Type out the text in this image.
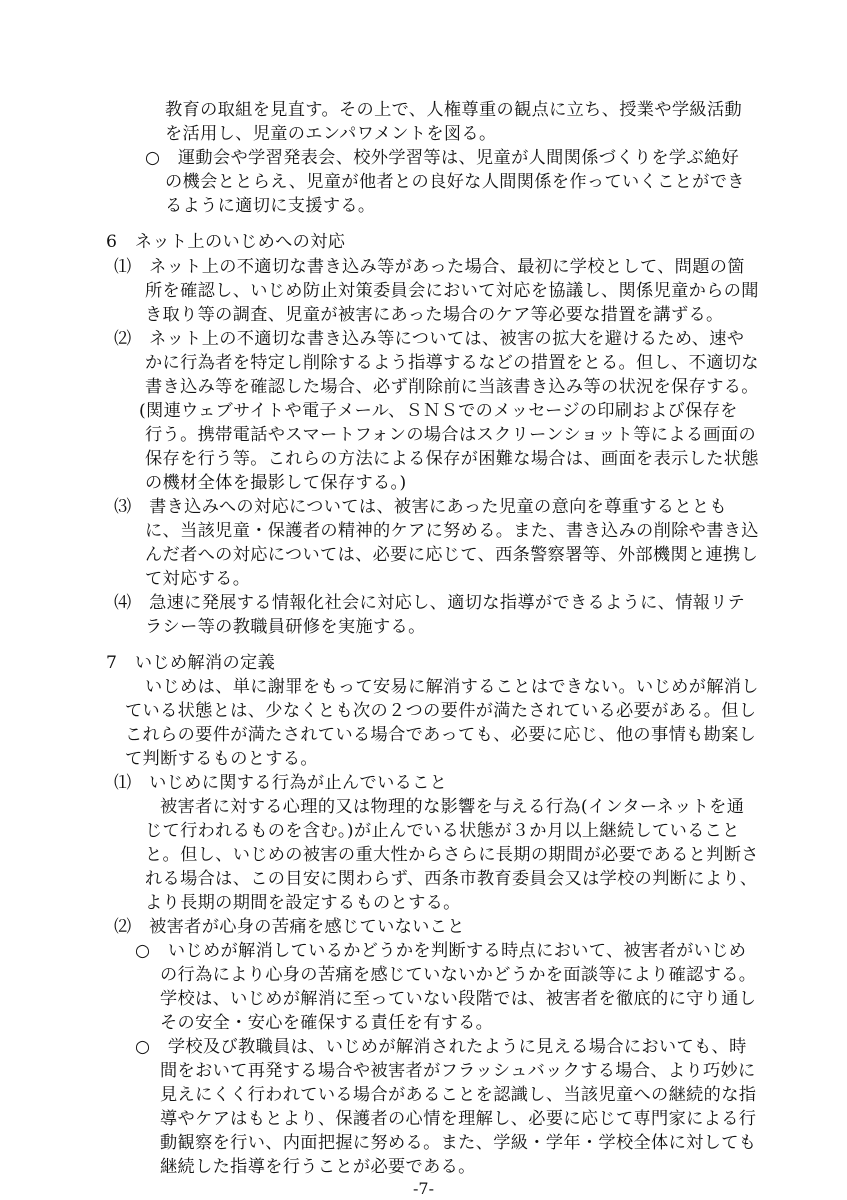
教育の取組を見直す。その上で、人権尊重の観点に立ち、授業や学級活動
を活用し、児童のエンパワメントを図る。
○　運動会や学習発表会、校外学習等は、児童が人間関係づくりを学ぶ絶好
の機会ととらえ、児童が他者との良好な人間関係を作っていくことができ
るように適切に支援する。
6　ネット上のいじめへの対応
⑴　ネット上の不適切な書き込み等があった場合、最初に学校として、問題の箇
所を確認し、いじめ防止対策委員会において対応を協議し、関係児童からの聞
き取り等の調査、児童が被害にあった場合のケア等必要な措置を講ずる。
⑵　ネット上の不適切な書き込み等については、被害の拡大を避けるため、速や
かに行為者を特定し削除するよう指導するなどの措置をとる。但し、不適切な
書き込み等を確認した場合、必ず削除前に当該書き込み等の状況を保存する。
(関連ウェブサイトや電子メール、ＳＮＳでのメッセージの印刷および保存を
行う。携帯電話やスマートフォンの場合はスクリーンショット等による画面の
保存を行う等。これらの方法による保存が困難な場合は、画面を表示した状態
の機材全体を撮影して保存する。)
⑶　書き込みへの対応については、被害にあった児童の意向を尊重するととも
に、当該児童・保護者の精神的ケアに努める。また、書き込みの削除や書き込
んだ者への対応については、必要に応じて、西条警察署等、外部機関と連携し
て対応する。
⑷　急速に発展する情報化社会に対応し、適切な指導ができるように、情報リテ
ラシー等の教職員研修を実施する。
7　いじめ解消の定義
いじめは、単に謝罪をもって安易に解消することはできない。いじめが解消し
ている状態とは、少なくとも次の２つの要件が満たされている必要がある。但し
これらの要件が満たされている場合であっても、必要に応じ、他の事情も勘案し
て判断するものとする。
⑴　いじめに関する行為が止んでいること
被害者に対する心理的又は物理的な影響を与える行為(インターネットを通
じて行われるものを含む。)が止んでいる状態が３か月以上継続していること
と。但し、いじめの被害の重大性からさらに長期の期間が必要であると判断さ
れる場合は、この目安に関わらず、西条市教育委員会又は学校の判断により、
より長期の期間を設定するものとする。
⑵　被害者が心身の苦痛を感じていないこと
○　いじめが解消しているかどうかを判断する時点において、被害者がいじめ
の行為により心身の苦痛を感じていないかどうかを面談等により確認する。
学校は、いじめが解消に至っていない段階では、被害者を徹底的に守り通し
その安全・安心を確保する責任を有する。
○　学校及び教職員は、いじめが解消されたように見える場合においても、時
間をおいて再発する場合や被害者がフラッシュバックする場合、より巧妙に
見えにくく行われている場合があることを認識し、当該児童への継続的な指
導やケアはもとより、保護者の心情を理解し、必要に応じて専門家による行
動観察を行い、内面把握に努める。また、学級・学年・学校全体に対しても
継続した指導を行うことが必要である。
-7-
